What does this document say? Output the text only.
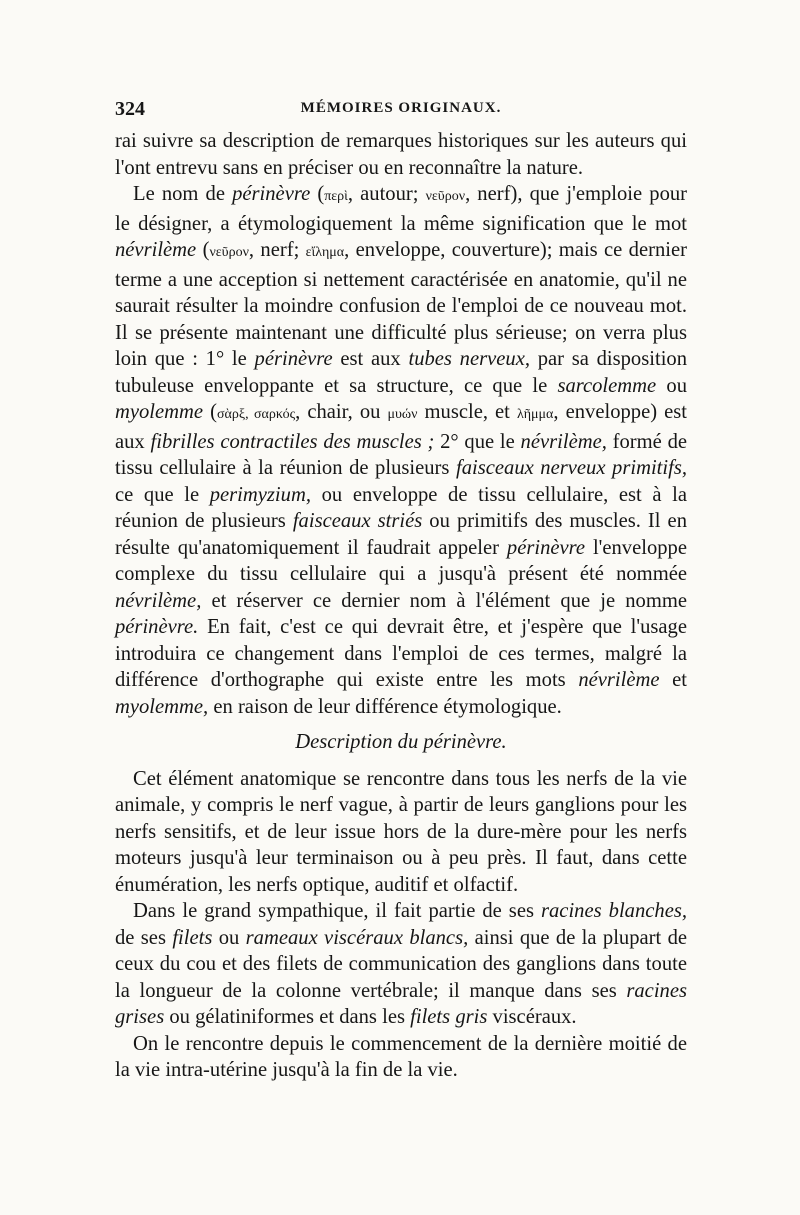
324	MÉMOIRES ORIGINAUX.

rai suivre sa description de remarques historiques sur les auteurs qui l'ont entrevu sans en préciser ou en reconnaître la nature.

Le nom de périnèvre (περὶ, autour; νεῦρον, nerf), que j'emploie pour le désigner, a étymologiquement la même signification que le mot névrilème (νεῦρον, nerf; εἴλημα, enveloppe, couverture); mais ce dernier terme a une acception si nettement caractérisée en anatomie, qu'il ne saurait résulter la moindre confusion de l'emploi de ce nouveau mot. Il se présente maintenant une difficulté plus sérieuse; on verra plus loin que : 1° le périnèvre est aux tubes nerveux, par sa disposition tubuleuse enveloppante et sa structure, ce que le sarcolemme ou myolemme (σὰρξ, σαρκός, chair, ou μυών muscle, et λῆμμα, enveloppe) est aux fibrilles contractiles des muscles ; 2° que le névrilème, formé de tissu cellulaire à la réunion de plusieurs faisceaux nerveux primitifs, ce que le perimyzium, ou enveloppe de tissu cellulaire, est à la réunion de plusieurs faisceaux striés ou primitifs des muscles. Il en résulte qu'anatomiquement il faudrait appeler périnèvre l'enveloppe complexe du tissu cellulaire qui a jusqu'à présent été nommée névrilème, et réserver ce dernier nom à l'élément que je nomme périnèvre. En fait, c'est ce qui devrait être, et j'espère que l'usage introduira ce changement dans l'emploi de ces termes, malgré la différence d'orthographe qui existe entre les mots névrilème et myolemme, en raison de leur différence étymologique.

Description du périnèvre.

Cet élément anatomique se rencontre dans tous les nerfs de la vie animale, y compris le nerf vague, à partir de leurs ganglions pour les nerfs sensitifs, et de leur issue hors de la dure-mère pour les nerfs moteurs jusqu'à leur terminaison ou à peu près. Il faut, dans cette énumération, les nerfs optique, auditif et olfactif.

Dans le grand sympathique, il fait partie de ses racines blanches, de ses filets ou rameaux viscéraux blancs, ainsi que de la plupart de ceux du cou et des filets de communication des ganglions dans toute la longueur de la colonne vertébrale; il manque dans ses racines grises ou gélatiniformes et dans les filets gris viscéraux.

On le rencontre depuis le commencement de la dernière moitié de la vie intra-utérine jusqu'à la fin de la vie.
